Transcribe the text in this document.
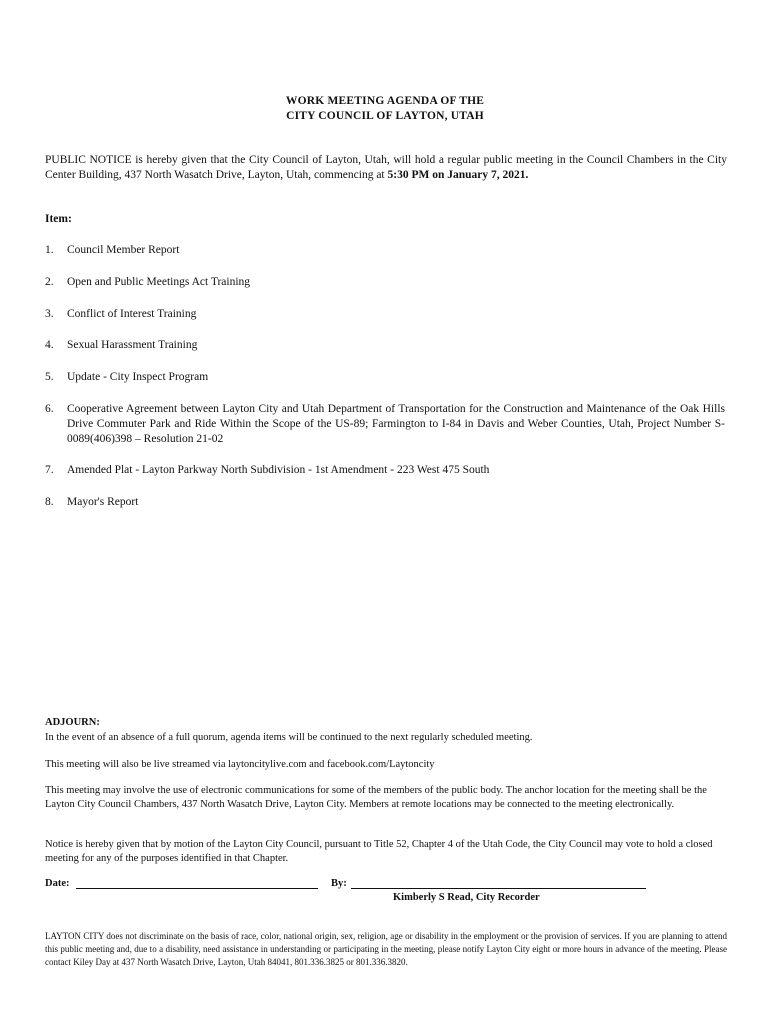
WORK MEETING AGENDA OF THE
CITY COUNCIL OF LAYTON, UTAH
PUBLIC NOTICE is hereby given that the City Council of Layton, Utah, will hold a regular public meeting in the Council Chambers in the City Center Building, 437 North Wasatch Drive, Layton, Utah, commencing at 5:30 PM on January 7, 2021.
Item:
1.	Council Member Report
2.	Open and Public Meetings Act Training
3.	Conflict of Interest Training
4.	Sexual Harassment Training
5.	Update - City Inspect Program
6.	Cooperative Agreement between Layton City and Utah Department of Transportation for the Construction and Maintenance of the Oak Hills Drive Commuter Park and Ride Within the Scope of the US-89; Farmington to I-84 in Davis and Weber Counties, Utah, Project Number S-0089(406)398 – Resolution 21-02
7.	Amended Plat - Layton Parkway North Subdivision - 1st Amendment - 223 West 475 South
8.	Mayor's Report
ADJOURN:
In the event of an absence of a full quorum, agenda items will be continued to the next regularly scheduled meeting.
This meeting will also be live streamed via laytoncitylive.com and facebook.com/Laytoncity
This meeting may involve the use of electronic communications for some of the members of the public body. The anchor location for the meeting shall be the Layton City Council Chambers, 437 North Wasatch Drive, Layton City. Members at remote locations may be connected to the meeting electronically.
Notice is hereby given that by motion of the Layton City Council, pursuant to Title 52, Chapter 4 of the Utah Code, the City Council may vote to hold a closed meeting for any of the purposes identified in that Chapter.
Date:	By:
Kimberly S Read, City Recorder
LAYTON CITY does not discriminate on the basis of race, color, national origin, sex, religion, age or disability in the employment or the provision of services. If you are planning to attend this public meeting and, due to a disability, need assistance in understanding or participating in the meeting, please notify Layton City eight or more hours in advance of the meeting. Please contact Kiley Day at 437 North Wasatch Drive, Layton, Utah 84041, 801.336.3825 or 801.336.3820.
